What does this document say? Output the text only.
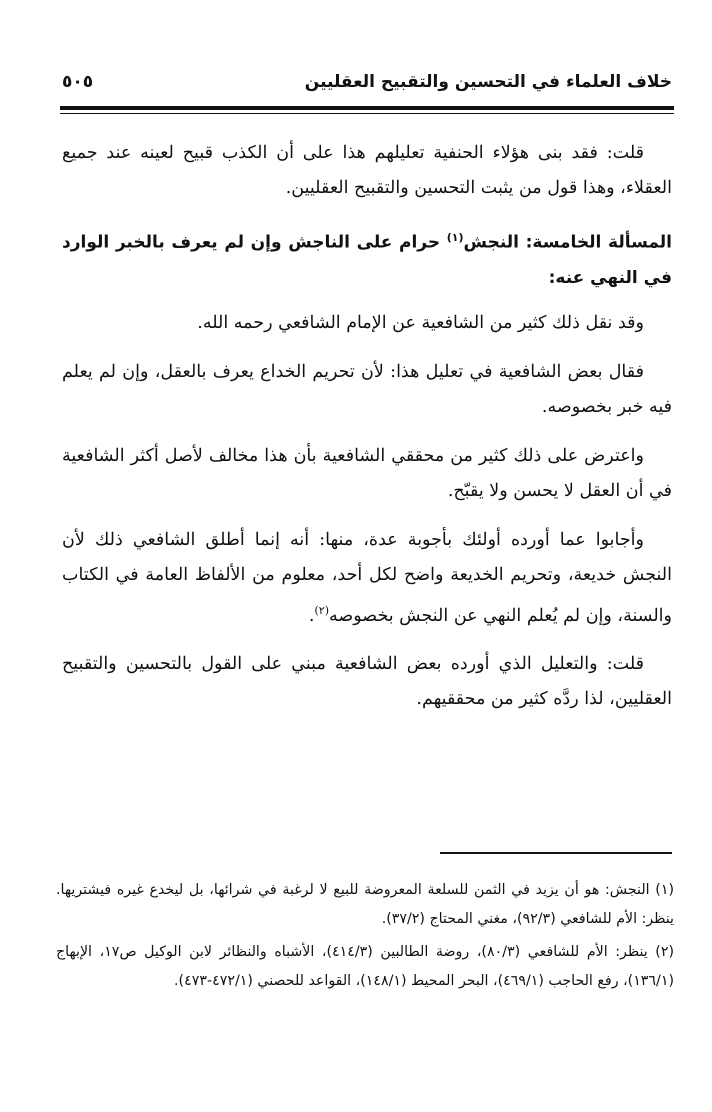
خلاف العلماء في التحسين والتقبيح العقليين
٥٠٥

قلت: فقد بنى هؤلاء الحنفية تعليلهم هذا على أن الكذب قبيح لعينه عند جميع العقلاء، وهذا قول من يثبت التحسين والتقبيح العقليين.

المسألة الخامسة: النجش$^{(١)}$ حرام على الناجش وإن لم يعرف بالخبر الوارد في النهي عنه:

وقد نقل ذلك كثير من الشافعية عن الإمام الشافعي رحمه الله.

فقال بعض الشافعية في تعليل هذا: لأن تحريم الخداع يعرف بالعقل، وإن لم يعلم فيه خبر بخصوصه.

واعترض على ذلك كثير من محققي الشافعية بأن هذا مخالف لأصل أكثر الشافعية في أن العقل لا يحسن ولا يقبّح.

وأجابوا عما أورده أولئك بأجوبة عدة، منها: أنه إنما أطلق الشافعي ذلك لأن النجش خديعة، وتحريم الخديعة واضح لكل أحد، معلوم من الألفاظ العامة في الكتاب والسنة، وإن لم يُعلم النهي عن النجش بخصوصه$^{(٢)}$.

قلت: والتعليل الذي أورده بعض الشافعية مبني على القول بالتحسين والتقبيح العقليين، لذا ردَّه كثير من محققيهم.

(١) النجش: هو أن يزيد في الثمن للسلعة المعروضة للبيع لا لرغبة في شرائها، بل ليخدع غيره فيشتريها. ينظر: الأم للشافعي (٩٢/٣)، مغني المحتاج (٣٧/٢).

(٢) ينظر: الأم للشافعي (٨٠/٣)، روضة الطالبين (٤١٤/٣)، الأشباه والنظائر لابن الوكيل ص١٧، الإبهاج (١٣٦/١)، رفع الحاجب (٤٦٩/١)، البحر المحيط (١٤٨/١)، القواعد للحصني (٤٧٢/١-٤٧٣).
